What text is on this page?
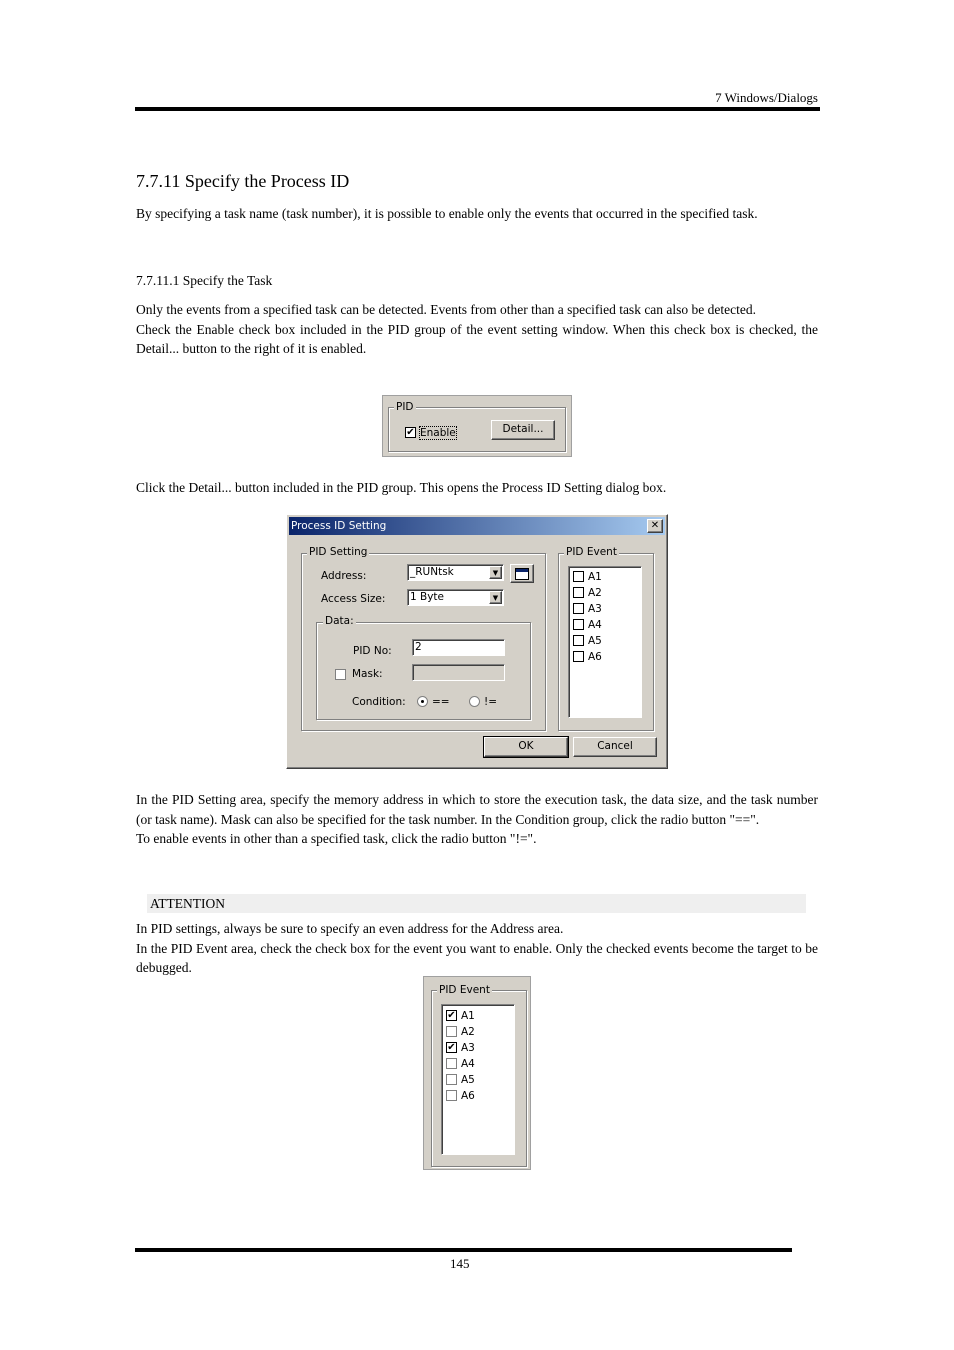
7 Windows/Dialogs
7.7.11 Specify the Process ID

By specifying a task name (task number), it is possible to enable only the events that occurred in the specified task.

7.7.11.1 Specify the Task

Only the events from a specified task can be detected. Events from other than a specified task can also be detected.

Check the Enable check box included in the PID group of the event setting window. When this check box is checked, the Detail... button to the right of it is enabled.

PID
✔ Enable	Detail...

Click the Detail... button included in the PID group. This opens the Process ID Setting dialog box.

Process ID Setting	✕
PID Setting
Address:	_RUNtsk	▼
Access Size: 1 Byte	▼
Data:
PID No: 2
Mask:
Condition:	==	!=
PID Event
A1
A2
A3
A4
A5
A6
OK	Cancel

In the PID Setting area, specify the memory address in which to store the execution task, the data size, and the task number (or task name). Mask can also be specified for the task number. In the Condition group, click the radio button "==".

To enable events in other than a specified task, click the radio button "!=".

ATTENTION

In PID settings, always be sure to specify an even address for the Address area.

In the PID Event area, check the check box for the event you want to enable. Only the checked events become the target to be debugged.

PID Event
✔ A1
A2
✔ A3
A4
A5
A6
145
